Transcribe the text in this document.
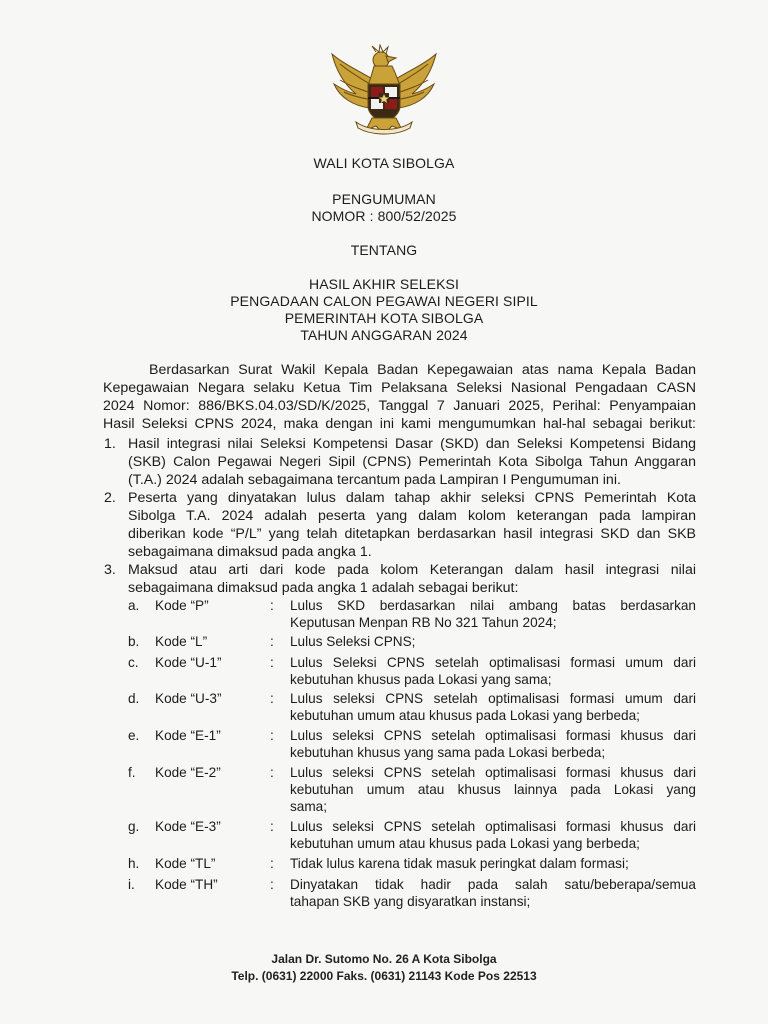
WALI KOTA SIBOLGA
PENGUMUMAN
NOMOR : 800/52/2025
TENTANG
HASIL AKHIR SELEKSI
PENGADAAN CALON PEGAWAI NEGERI SIPIL
PEMERINTAH KOTA SIBOLGA
TAHUN ANGGARAN 2024
Berdasarkan Surat Wakil Kepala Badan Kepegawaian atas nama Kepala Badan
Kepegawaian Negara selaku Ketua Tim Pelaksana Seleksi Nasional Pengadaan CASN
2024 Nomor: 886/BKS.04.03/SD/K/2025, Tanggal 7 Januari 2025, Perihal: Penyampaian
Hasil Seleksi CPNS 2024, maka dengan ini kami mengumumkan hal-hal sebagai berikut:
1. Hasil integrasi nilai Seleksi Kompetensi Dasar (SKD) dan Seleksi Kompetensi Bidang
(SKB) Calon Pegawai Negeri Sipil (CPNS) Pemerintah Kota Sibolga Tahun Anggaran
(T.A.) 2024 adalah sebagaimana tercantum pada Lampiran I Pengumuman ini.
2. Peserta yang dinyatakan lulus dalam tahap akhir seleksi CPNS Pemerintah Kota
Sibolga T.A. 2024 adalah peserta yang dalam kolom keterangan pada lampiran
diberikan kode “P/L” yang telah ditetapkan berdasarkan hasil integrasi SKD dan SKB
sebagaimana dimaksud pada angka 1.
3. Maksud atau arti dari kode pada kolom Keterangan dalam hasil integrasi nilai
sebagaimana dimaksud pada angka 1 adalah sebagai berikut:
a. Kode “P”	: Lulus SKD berdasarkan nilai ambang batas berdasarkan
Keputusan Menpan RB No 321 Tahun 2024;
b. Kode “L”	: Lulus Seleksi CPNS;
c. Kode “U-1”	: Lulus Seleksi CPNS setelah optimalisasi formasi umum dari
kebutuhan khusus pada Lokasi yang sama;
d. Kode “U-3”	: Lulus seleksi CPNS setelah optimalisasi formasi umum dari
kebutuhan umum atau khusus pada Lokasi yang berbeda;
e. Kode “E-1”	: Lulus seleksi CPNS setelah optimalisasi formasi khusus dari
kebutuhan khusus yang sama pada Lokasi berbeda;
f. Kode “E-2”	: Lulus seleksi CPNS setelah optimalisasi formasi khusus dari
kebutuhan umum atau khusus lainnya pada Lokasi yang
sama;
g. Kode “E-3”	: Lulus seleksi CPNS setelah optimalisasi formasi khusus dari
kebutuhan umum atau khusus pada Lokasi yang berbeda;
h. Kode “TL”	: Tidak lulus karena tidak masuk peringkat dalam formasi;
i. Kode “TH”	: Dinyatakan tidak hadir pada salah satu/beberapa/semua
tahapan SKB yang disyaratkan instansi;
Jalan Dr. Sutomo No. 26 A Kota Sibolga
Telp. (0631) 22000 Faks. (0631) 21143 Kode Pos 22513
